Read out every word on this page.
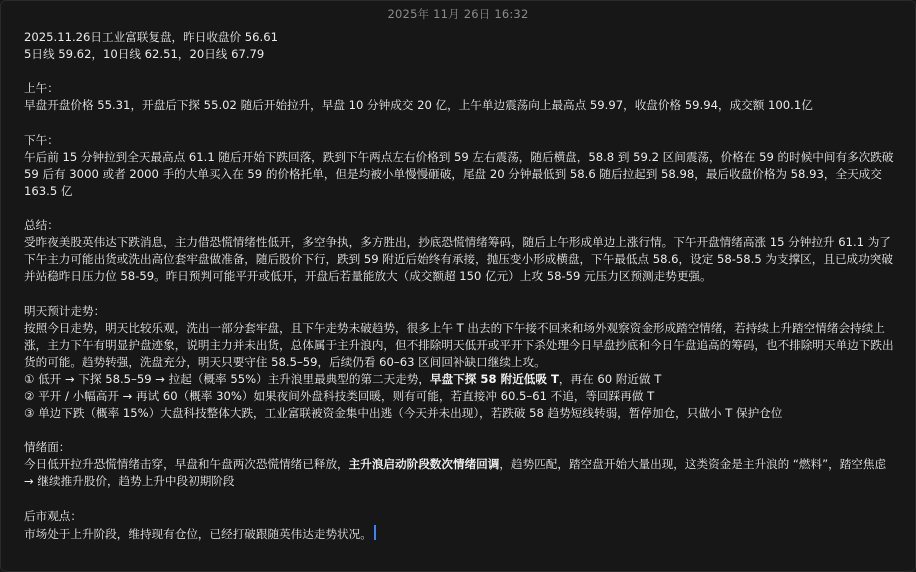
2025年 11月 26日 16:32

2025.11.26日工业富联复盘，昨日收盘价 56.61

5日线 59.62，10日线 62.51，20日线 67.79

上午：

早盘开盘价格 55.31，开盘后下探 55.02 随后开始拉升，早盘 10 分钟成交 20 亿，上午单边震荡向上最高点 59.97，收盘价格 59.94，成交额 100.1亿

下午：

午后前 15 分钟拉到全天最高点 61.1 随后开始下跌回落，跌到下午两点左右价格到 59 左右震荡，随后横盘，58.8 到 59.2 区间震荡，价格在 59 的时候中间有多次跌破 59 后有 3000 或者 2000 手的大单买入在 59 的价格托单，但是均被小单慢慢砸破，尾盘 20 分钟最低到 58.6 随后拉起到 58.98，最后收盘价格为 58.93，全天成交 163.5 亿

总结：

受昨夜美股英伟达下跌消息，主力借恐慌情绪性低开，多空争执，多方胜出，抄底恐慌情绪筹码，随后上午形成单边上涨行情。下午开盘情绪高涨 15 分钟拉升 61.1 为了下午主力可能出货或洗出高位套牢盘做准备，随后股价下行，跌到 59 附近后始终有承接，抛压变小形成横盘，下午最低点 58.6，设定 58-58.5 为支撑区，且已成功突破并站稳昨日压力位 58-59。昨日预判可能平开或低开，开盘后若量能放大（成交额超 150 亿元）上攻 58-59 元压力区预测走势更强。

明天预计走势：

按照今日走势，明天比较乐观，洗出一部分套牢盘，且下午走势未破趋势，很多上午 T 出去的下午接不回来和场外观察资金形成踏空情绪，若持续上升踏空情绪会持续上涨，主力下午有明显护盘迹象，说明主力并未出货，总体属于主升浪内，但不排除明天低开或平开下杀处理今日早盘抄底和今日午盘追高的筹码，也不排除明天单边下跌出货的可能。趋势转强，洗盘充分，明天只要守住 58.5–59，后续仍看 60–63 区间回补缺口继续上攻。

① 低开 → 下探 58.5–59 → 拉起（概率 55%）主升浪里最典型的第二天走势，早盘下探 58 附近低吸 T，再在 60 附近做 T

② 平开 / 小幅高开 → 再试 60（概率 30%）如果夜间外盘科技类回暖，则有可能，若直接冲 60.5–61 不追，等回踩再做 T

③ 单边下跌（概率 15%）大盘科技整体大跌，工业富联被资金集中出逃（今天并未出现），若跌破 58 趋势短线转弱，暂停加仓，只做小 T 保护仓位

情绪面：

今日低开拉升恐慌情绪击穿，早盘和午盘两次恐慌情绪已释放，主升浪启动阶段数次情绪回调，趋势匹配，踏空盘开始大量出现，这类资金是主升浪的 “燃料”，踏空焦虑 → 继续推升股价，趋势上升中段初期阶段

后市观点：

市场处于上升阶段，维持现有仓位，已经打破跟随英伟达走势状况。
